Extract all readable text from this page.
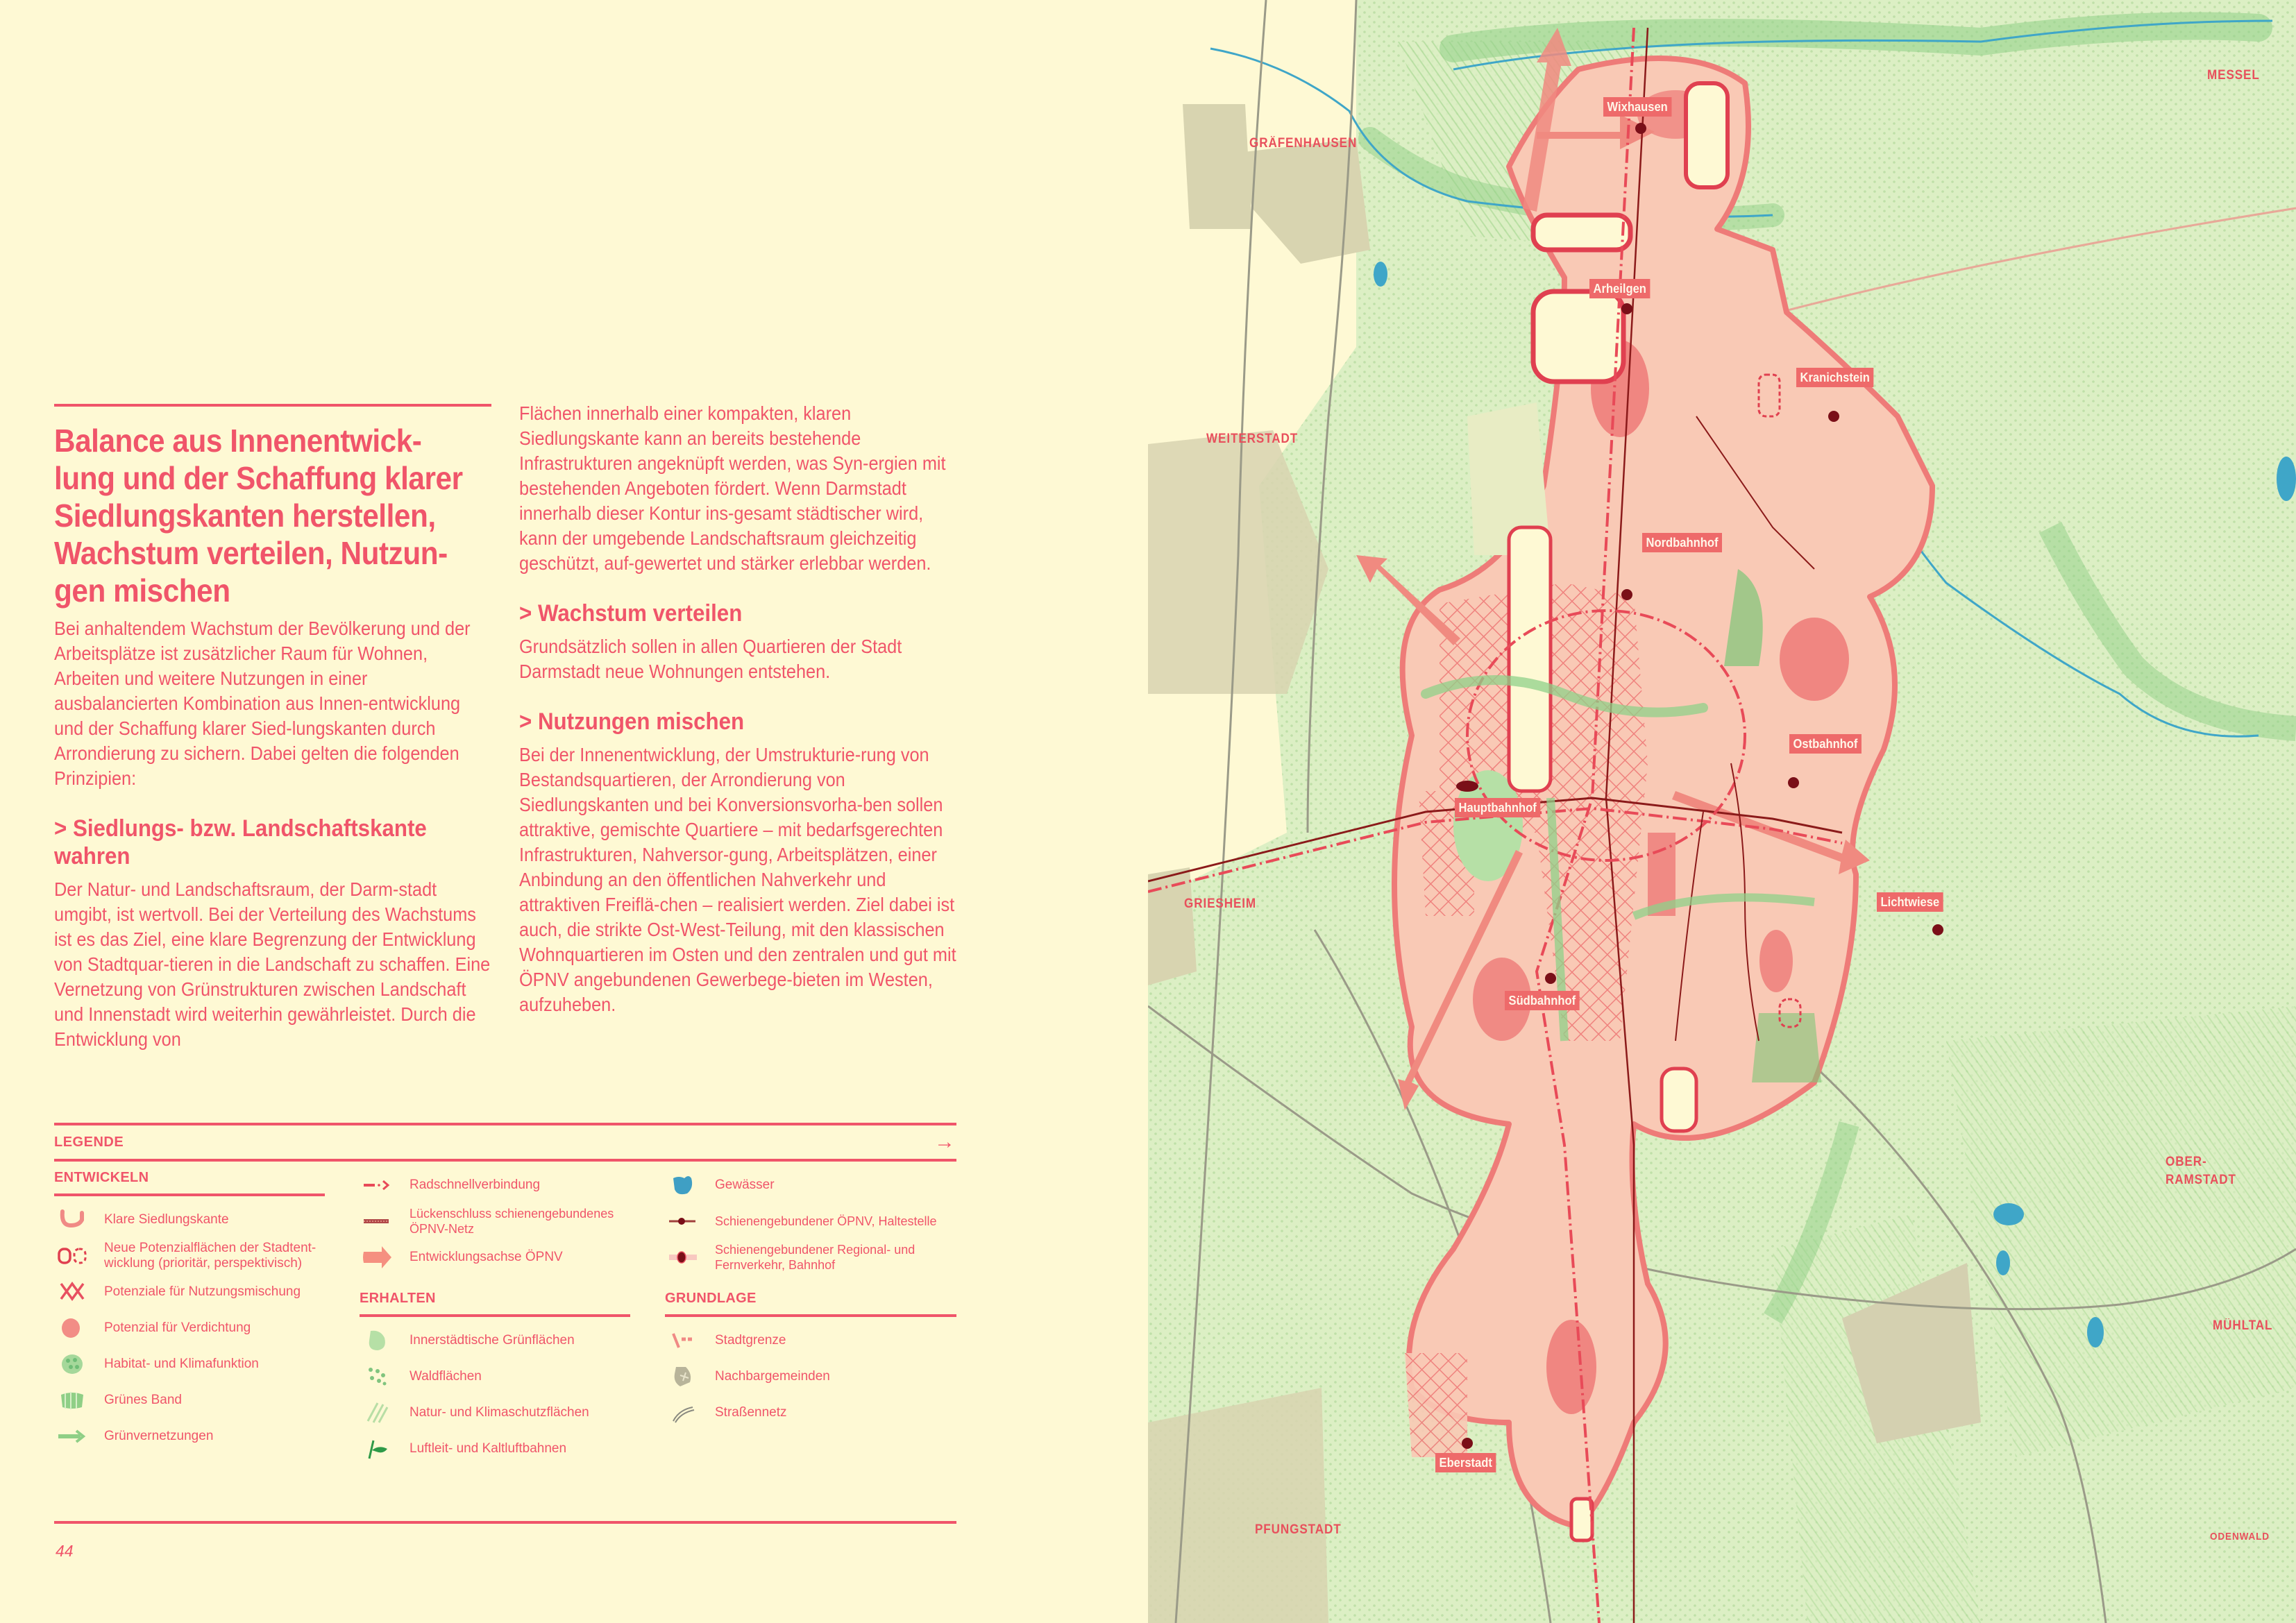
Balance aus Innenentwick-
lung und der Schaffung klarer
Siedlungskanten herstellen,
Wachstum verteilen, Nutzun-
gen mischen

Bei anhaltendem Wachstum der Bevölkerung und der Arbeitsplätze ist zusätzlicher Raum für Wohnen, Arbeiten und weitere Nutzungen in einer ausbalancierten Kombination aus Innen-entwicklung und der Schaffung klarer Sied-lungskanten durch Arrondierung zu sichern. Dabei gelten die folgenden Prinzipien:

> Siedlungs- bzw. Landschaftskante wahren

Der Natur- und Landschaftsraum, der Darm-stadt umgibt, ist wertvoll. Bei der Verteilung des Wachstums ist es das Ziel, eine klare Begrenzung der Entwicklung von Stadtquar-tieren in die Landschaft zu schaffen. Eine Vernetzung von Grünstrukturen zwischen Landschaft und Innenstadt wird weiterhin gewährleistet. Durch die Entwicklung von

Flächen innerhalb einer kompakten, klaren Siedlungskante kann an bereits bestehende Infrastrukturen angeknüpft werden, was Syn-ergien mit bestehenden Angeboten fördert. Wenn Darmstadt innerhalb dieser Kontur ins-gesamt städtischer wird, kann der umgebende Landschaftsraum gleichzeitig geschützt, auf-gewertet und stärker erlebbar werden.

> Wachstum verteilen

Grundsätzlich sollen in allen Quartieren der Stadt Darmstadt neue Wohnungen entstehen.

> Nutzungen mischen

Bei der Innenentwicklung, der Umstrukturie-rung von Bestandsquartieren, der Arrondierung von Siedlungskanten und bei Konversionsvorha-ben sollen attraktive, gemischte Quartiere – mit bedarfsgerechten Infrastrukturen, Nahversor-gung, Arbeitsplätzen, einer Anbindung an den öffentlichen Nahverkehr und attraktiven Freiflä-chen – realisiert werden. Ziel dabei ist auch, die strikte Ost-West-Teilung, mit den klassischen Wohnquartieren im Osten und den zentralen und gut mit ÖPNV angebundenen Gewerbege-bieten im Westen, aufzuheben.

LEGENDE	→
ENTWICKELN
Klare Siedlungskante
Neue Potenzialflächen der Stadtent-wicklung (prioritär, perspektivisch)
Potenziale für Nutzungsmischung
Potenzial für Verdichtung
Habitat- und Klimafunktion
Grünes Band
Grünvernetzungen
Radschnellverbindung
Lückenschluss schienengebundenes ÖPNV-Netz
Entwicklungsachse ÖPNV
ERHALTEN
Innerstädtische Grünflächen
Waldflächen
Natur- und Klimaschutzflächen
Luftleit- und Kaltluftbahnen
Gewässer
Schienengebundener ÖPNV, Haltestelle
Schienengebundener Regional- und Fernverkehr, Bahnhof
GRUNDLAGE
Stadtgrenze
Nachbargemeinden
Straßennetz
44
GRÄFENHAUSEN
MESSEL
WEITERSTADT
GRIESHEIM
OBER-
RAMSTADT
MÜHLTAL
PFUNGSTADT	ODENWALD
Wixhausen
Arheilgen
Kranichstein
Nordbahnhof
Ostbahnhof
Hauptbahnhof
Lichtwiese
Südbahnhof
Eberstadt
